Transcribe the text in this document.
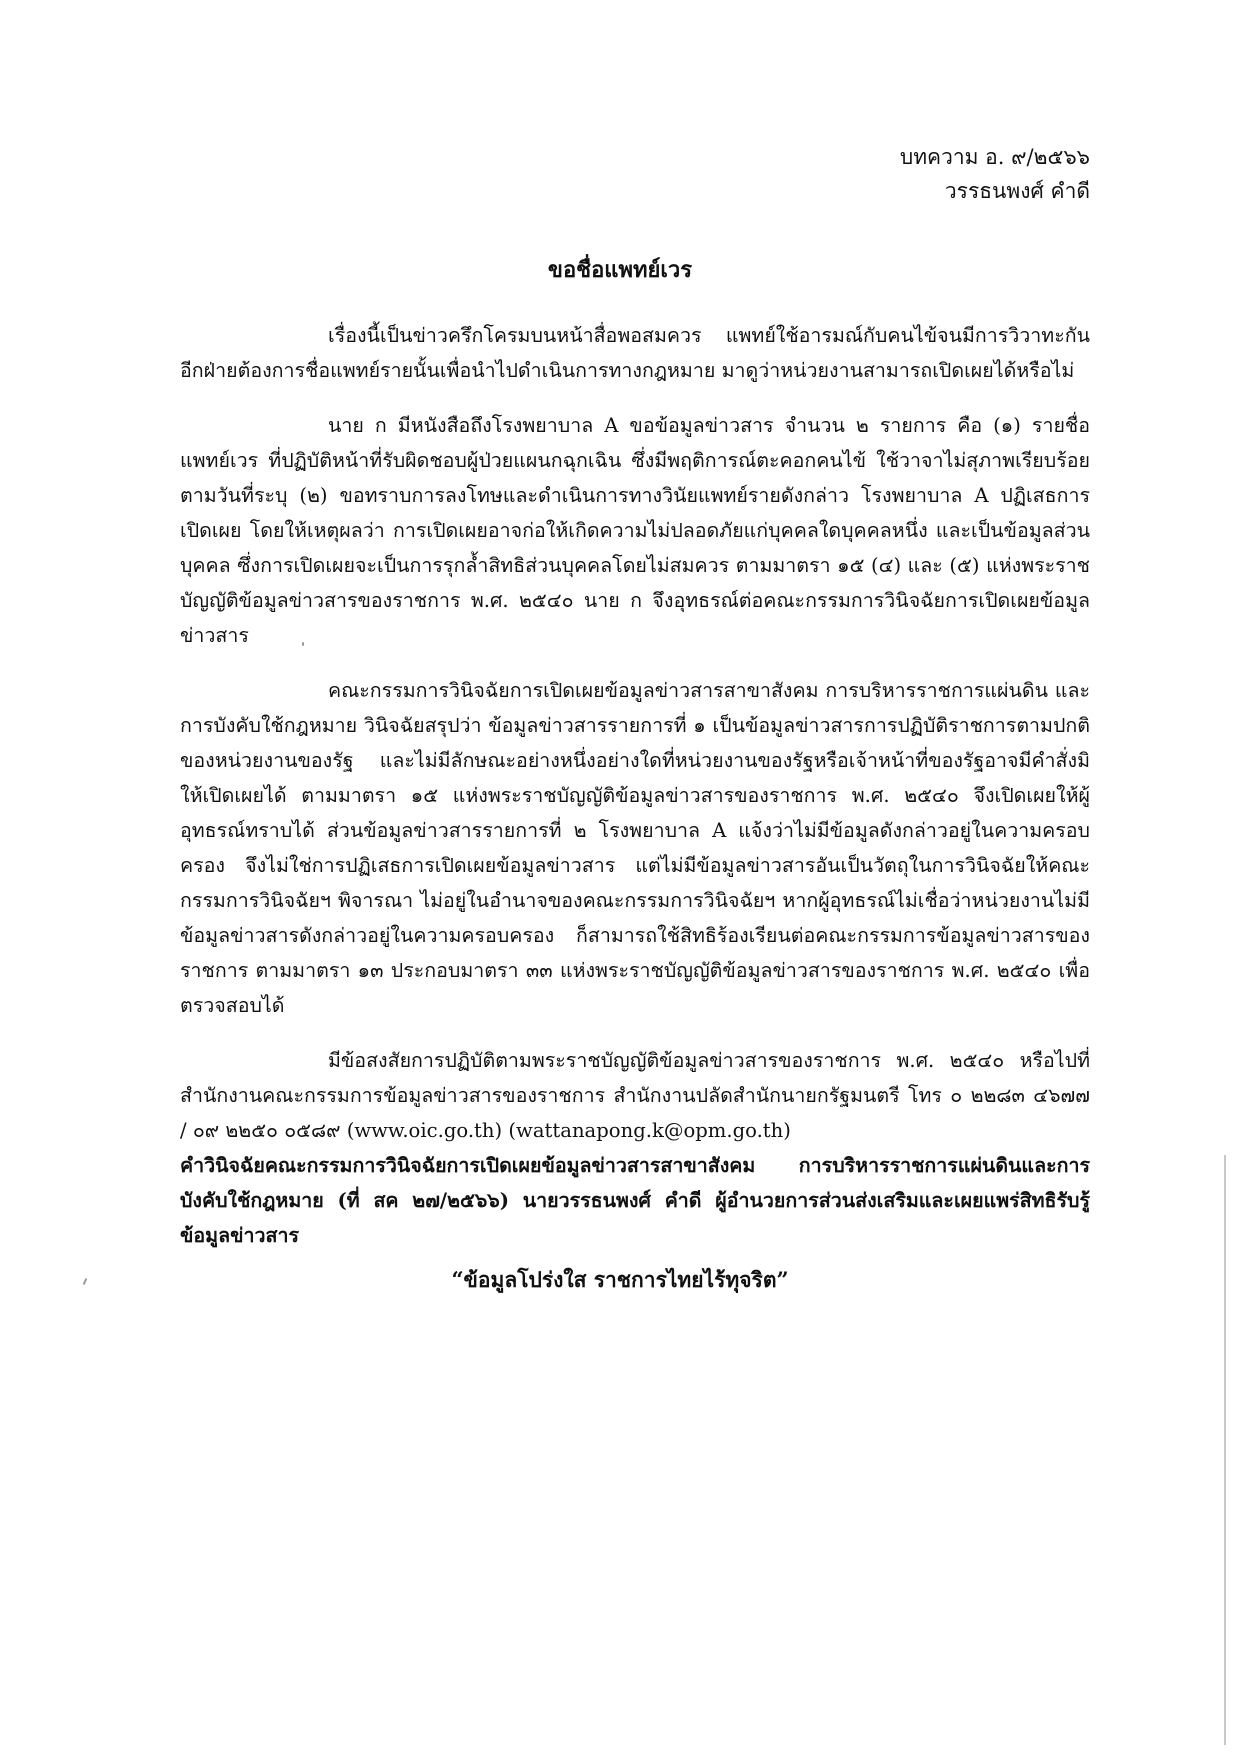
บทความ อ. ๙/๒๕๖๖
วรรธนพงศ์ คำดี
ขอชื่อแพทย์เวร

เรื่องนี้เป็นข่าวครึกโครมบนหน้าสื่อพอสมควร แพทย์ใช้อารมณ์กับคนไข้จนมีการวิวาทะกัน อีกฝ่ายต้องการชื่อแพทย์รายนั้นเพื่อนำไปดำเนินการทางกฎหมาย มาดูว่าหน่วยงานสามารถเปิดเผยได้หรือไม่

นาย ก มีหนังสือถึงโรงพยาบาล A ขอข้อมูลข่าวสาร จำนวน ๒ รายการ คือ (๑) รายชื่อแพทย์เวร ที่ปฏิบัติหน้าที่รับผิดชอบผู้ป่วยแผนกฉุกเฉิน ซึ่งมีพฤติการณ์ตะคอกคนไข้ ใช้วาจาไม่สุภาพเรียบร้อยตามวันที่ระบุ (๒) ขอทราบการลงโทษและดำเนินการทางวินัยแพทย์รายดังกล่าว โรงพยาบาล A ปฏิเสธการเปิดเผย โดยให้เหตุผลว่า การเปิดเผยอาจก่อให้เกิดความไม่ปลอดภัยแก่บุคคลใดบุคคลหนึ่ง และเป็นข้อมูลส่วนบุคคล ซึ่งการเปิดเผยจะเป็นการรุกล้ำสิทธิส่วนบุคคลโดยไม่สมควร ตามมาตรา ๑๕ (๔) และ (๕) แห่งพระราชบัญญัติข้อมูลข่าวสารของราชการ พ.ศ. ๒๕๔๐ นาย ก จึงอุทธรณ์ต่อคณะกรรมการวินิจฉัยการเปิดเผยข้อมูลข่าวสาร

คณะกรรมการวินิจฉัยการเปิดเผยข้อมูลข่าวสารสาขาสังคม การบริหารราชการแผ่นดิน และการบังคับใช้กฎหมาย วินิจฉัยสรุปว่า ข้อมูลข่าวสารรายการที่ ๑ เป็นข้อมูลข่าวสารการปฏิบัติราชการตามปกติของหน่วยงานของรัฐ และไม่มีลักษณะอย่างหนึ่งอย่างใดที่หน่วยงานของรัฐหรือเจ้าหน้าที่ของรัฐอาจมีคำสั่งมิให้เปิดเผยได้ ตามมาตรา ๑๕ แห่งพระราชบัญญัติข้อมูลข่าวสารของราชการ พ.ศ. ๒๕๔๐ จึงเปิดเผยให้ผู้อุทธรณ์ทราบได้ ส่วนข้อมูลข่าวสารรายการที่ ๒ โรงพยาบาล A แจ้งว่าไม่มีข้อมูลดังกล่าวอยู่ในความครอบครอง จึงไม่ใช่การปฏิเสธการเปิดเผยข้อมูลข่าวสาร แต่ไม่มีข้อมูลข่าวสารอันเป็นวัตถุในการวินิจฉัยให้คณะกรรมการวินิจฉัยฯ พิจารณา ไม่อยู่ในอำนาจของคณะกรรมการวินิจฉัยฯ หากผู้อุทธรณ์ไม่เชื่อว่าหน่วยงานไม่มีข้อมูลข่าวสารดังกล่าวอยู่ในความครอบครอง ก็สามารถใช้สิทธิร้องเรียนต่อคณะกรรมการข้อมูลข่าวสารของราชการ ตามมาตรา ๑๓ ประกอบมาตรา ๓๓ แห่งพระราชบัญญัติข้อมูลข่าวสารของราชการ พ.ศ. ๒๕๔๐ เพื่อตรวจสอบได้

มีข้อสงสัยการปฏิบัติตามพระราชบัญญัติข้อมูลข่าวสารของราชการ พ.ศ. ๒๕๔๐ หรือไปที่ สำนักงานคณะกรรมการข้อมูลข่าวสารของราชการ สำนักงานปลัดสำนักนายกรัฐมนตรี โทร ๐ ๒๒๘๓ ๔๖๗๗ / ๐๙ ๒๒๕๐ ๐๕๘๙ (www.oic.go.th) (wattanapong.k@opm.go.th)

คำวินิจฉัยคณะกรรมการวินิจฉัยการเปิดเผยข้อมูลข่าวสารสาขาสังคม การบริหารราชการแผ่นดินและการบังคับใช้กฎหมาย (ที่ สค ๒๗/๒๕๖๖) นายวรรธนพงศ์ คำดี ผู้อำนวยการส่วนส่งเสริมและเผยแพร่สิทธิรับรู้ข้อมูลข่าวสาร

“ข้อมูลโปร่งใส ราชการไทยไร้ทุจริต”
